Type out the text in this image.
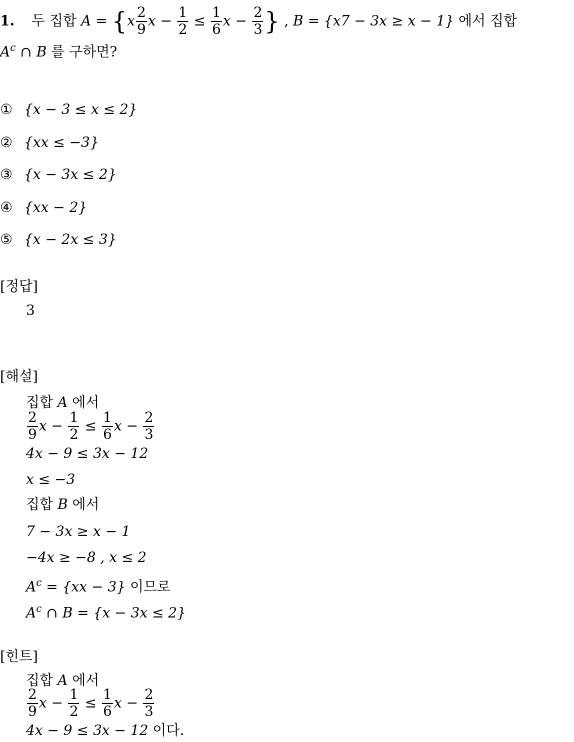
1. 두 집합 $A = \{x \frac{2}{9}$ $x - \frac{1}{2} \le \frac{1}{6}$ $x - \frac{2}{3}$ } , B = {x7 − 3x ≥ x − 1} 에서 집합
$A^c$ ∩ B 를 구하면?
① {x − 3 ≤ x ≤ 2}
② {xx ≤ −3}
③ {x − 3x ≤ 2}
④ {xx − 2}
⑤ {x − 2x ≤ 3}
[정답]
3
[해설]
집합 A 에서
$\frac{2}{9}$ $x - \frac{1}{2} \le \frac{1}{6}$ $x - \frac{2}{3}$
4x − 9 ≤ 3x − 12
x ≤ −3
집합 B 에서
7 − 3x ≥ x − 1
−4x ≥ −8 , x ≤ 2
$A^c = \{xx - 3\}$ 이므로
$A^c$ ∩ B = {x − 3x ≤ 2}
[힌트]
집합 A 에서
$\frac{2}{9}$ $x - \frac{1}{2} \le \frac{1}{6}$ $x - \frac{2}{3}$
4x − 9 ≤ 3x − 12 이다.
